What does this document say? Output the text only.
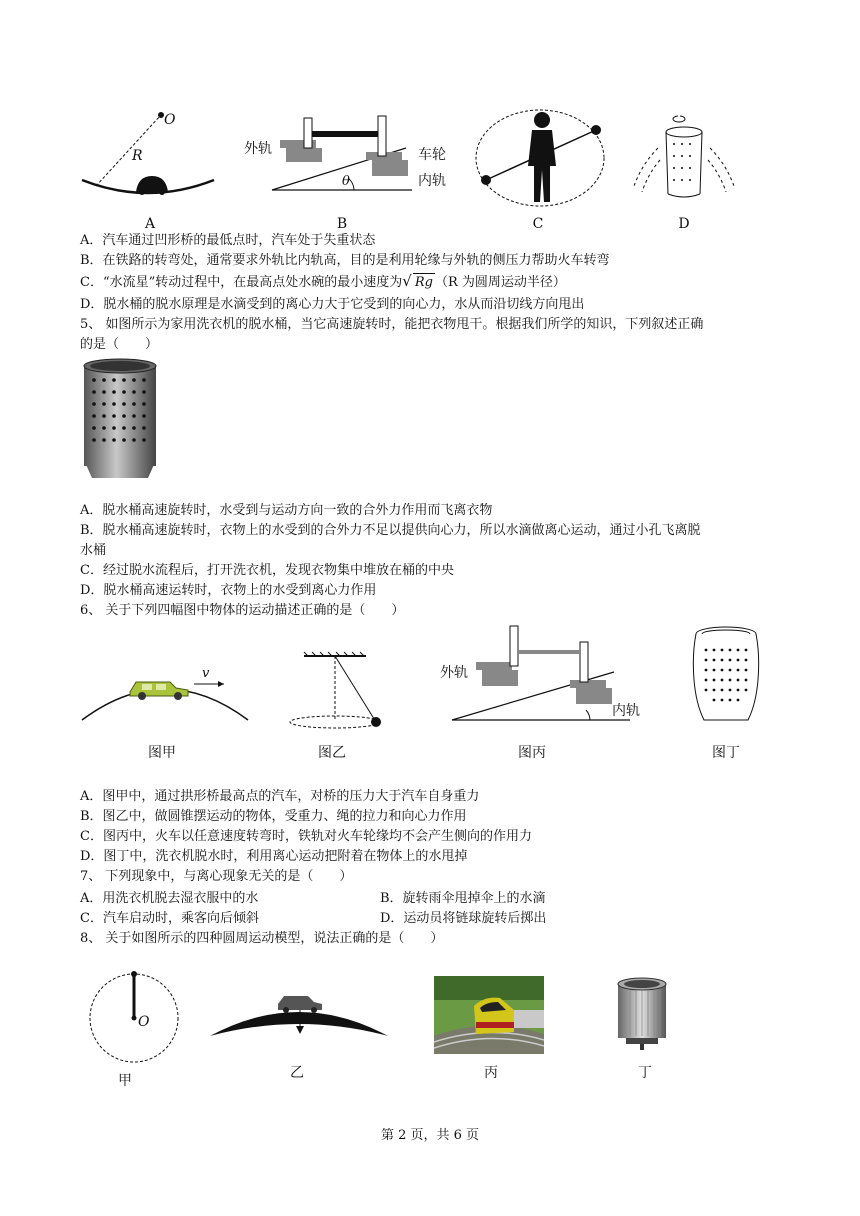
O
R
A
外轨	车轮
内轨
θ
B	C	D
A．汽车通过凹形桥的最低点时，汽车处于失重状态
B．在铁路的转弯处，通常要求外轨比内轨高，目的是利用轮缘与外轨的侧压力帮助火车转弯
C．“水流星”转动过程中，在最高点处水碗的最小速度为√ Rg （R 为圆周运动半径）
D．脱水桶的脱水原理是水滴受到的离心力大于它受到的向心力，水从而沿切线方向甩出
5、 如图所示为家用洗衣机的脱水桶，当它高速旋转时，能把衣物甩干。根据我们所学的知识，下列叙述正确
的是（　　）
A．脱水桶高速旋转时，水受到与运动方向一致的合外力作用而飞离衣物
B．脱水桶高速旋转时，衣物上的水受到的合外力不足以提供向心力，所以水滴做离心运动，通过小孔飞离脱
水桶
C．经过脱水流程后，打开洗衣机，发现衣物集中堆放在桶的中央
D．脱水桶高速运转时，衣物上的水受到离心力作用
6、 关于下列四幅图中物体的运动描述正确的是（　　）
v
图甲	图乙
外轨
内轨
图丙	图丁
A．图甲中，通过拱形桥最高点的汽车，对桥的压力大于汽车自身重力
B．图乙中，做圆锥摆运动的物体，受重力、绳的拉力和向心力作用
C．图丙中，火车以任意速度转弯时，铁轨对火车轮缘均不会产生侧向的作用力
D．图丁中，洗衣机脱水时，利用离心运动把附着在物体上的水甩掉
7、 下列现象中，与离心现象无关的是（　　）
A．用洗衣机脱去湿衣服中的水	B．旋转雨伞甩掉伞上的水滴
C．汽车启动时，乘客向后倾斜	D．运动员将链球旋转后掷出
8、 关于如图所示的四种圆周运动模型，说法正确的是（　　）
O
甲	乙	丙	丁
第 2 页，共 6 页
